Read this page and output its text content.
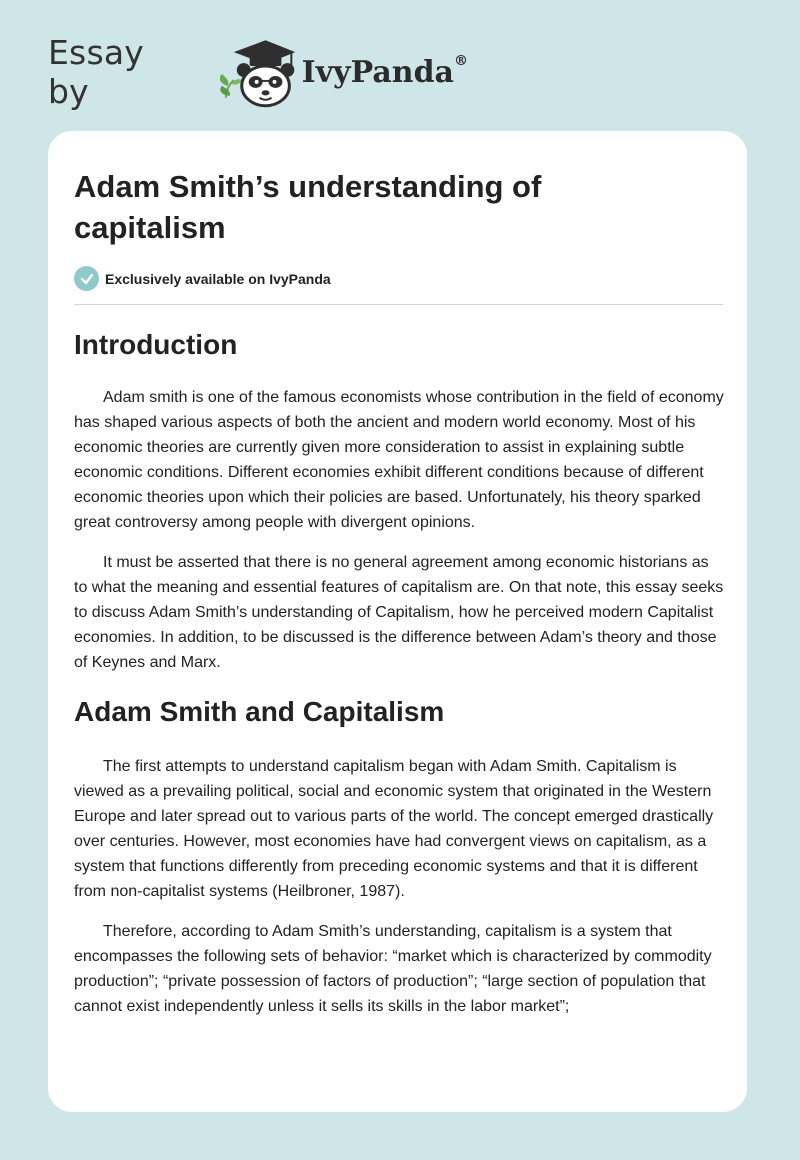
Essay by	IvyPanda®
Adam Smith’s understanding of capitalism
Exclusively available on IvyPanda
Introduction

Adam smith is one of the famous economists whose contribution in the field of economy has shaped various aspects of both the ancient and modern world economy. Most of his economic theories are currently given more consideration to assist in explaining subtle economic conditions. Different economies exhibit different conditions because of different economic theories upon which their policies are based. Unfortunately, his theory sparked great controversy among people with divergent opinions.

It must be asserted that there is no general agreement among economic historians as to what the meaning and essential features of capitalism are. On that note, this essay seeks to discuss Adam Smith’s understanding of Capitalism, how he perceived modern Capitalist economies. In addition, to be discussed is the difference between Adam’s theory and those of Keynes and Marx.

Adam Smith and Capitalism

The first attempts to understand capitalism began with Adam Smith. Capitalism is viewed as a prevailing political, social and economic system that originated in the Western Europe and later spread out to various parts of the world. The concept emerged drastically over centuries. However, most economies have had convergent views on capitalism, as a system that functions differently from preceding economic systems and that it is different from non-capitalist systems (Heilbroner, 1987).

Therefore, according to Adam Smith’s understanding, capitalism is a system that encompasses the following sets of behavior: “market which is characterized by commodity production”; “private possession of factors of production”; “large section of population that cannot exist independently unless it sells its skills in the labor market”;
